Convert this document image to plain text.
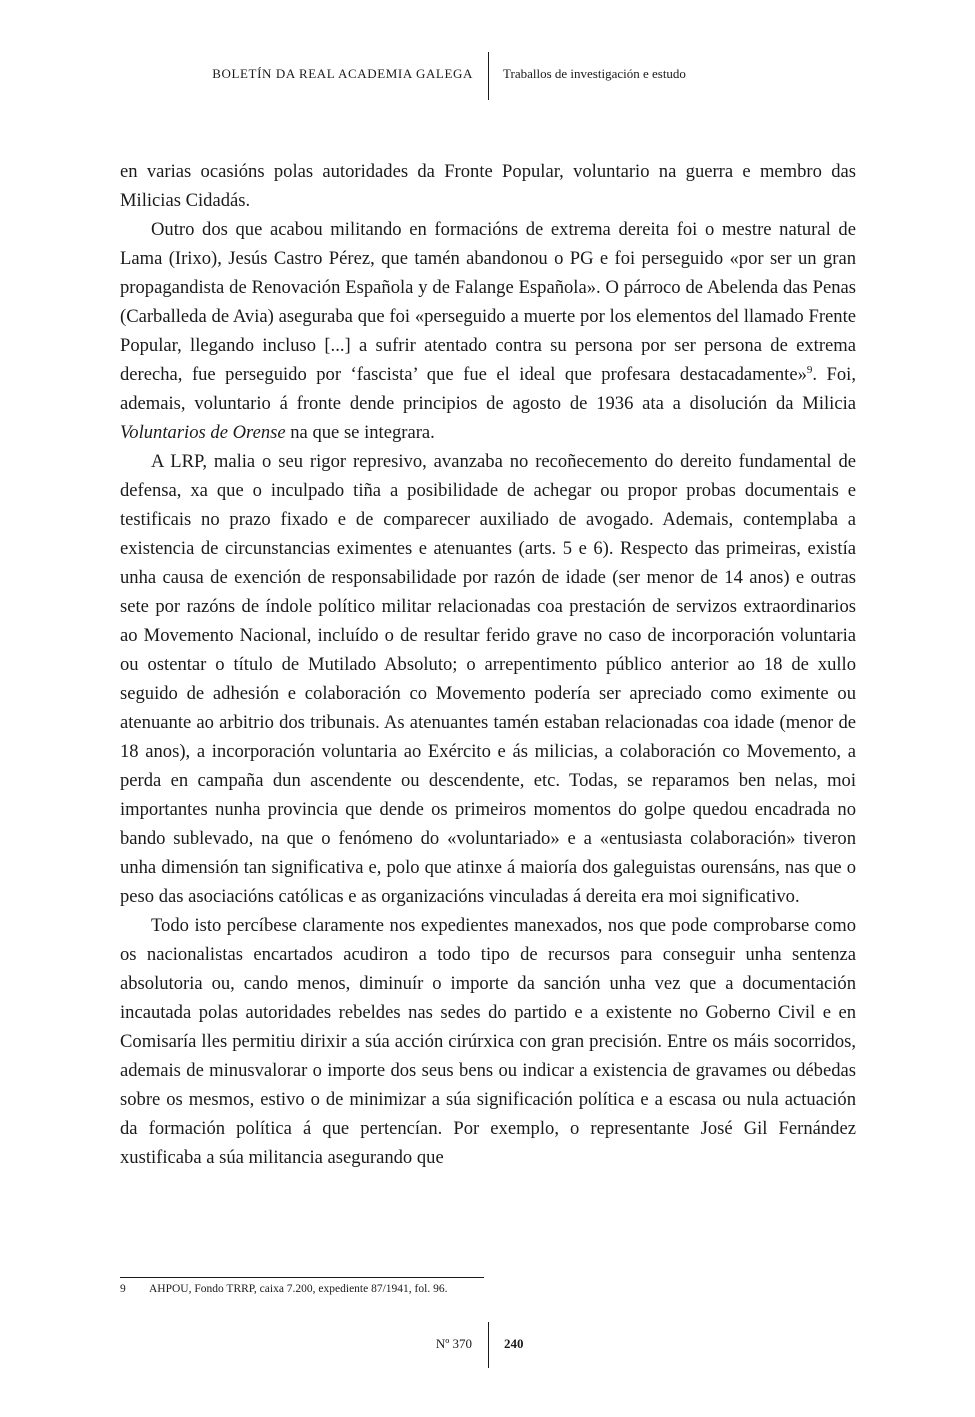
BOLETÍN DA REAL ACADEMIA GALEGA Traballos de investigación e estudo

en varias ocasións polas autoridades da Fronte Popular, voluntario na guerra e membro das Milicias Cidadás.

Outro dos que acabou militando en formacións de extrema dereita foi o mestre natural de Lama (Irixo), Jesús Castro Pérez, que tamén abandonou o PG e foi perseguido «por ser un gran propagandista de Renovación Española y de Falange Española». O párroco de Abelenda das Penas (Carballeda de Avia) aseguraba que foi «perseguido a muerte por los elementos del llamado Frente Popular, llegando incluso [...] a sufrir atentado contra su persona por ser persona de extrema derecha, fue perseguido por ‘fascista’ que fue el ideal que profesara destacadamente»$^9$. Foi, ademais, voluntario á fronte dende principios de agosto de 1936 ata a disolución da Milicia Voluntarios de Orense na que se integrara.

A LRP, malia o seu rigor represivo, avanzaba no recoñecemento do dereito fundamental de defensa, xa que o inculpado tiña a posibilidade de achegar ou propor probas documentais e testificais no prazo fixado e de comparecer auxiliado de avogado. Ademais, contemplaba a existencia de circunstancias eximentes e atenuantes (arts. 5 e 6). Respecto das primeiras, existía unha causa de exención de responsabilidade por razón de idade (ser menor de 14 anos) e outras sete por razóns de índole político militar relacionadas coa prestación de servizos extraordinarios ao Movemento Nacional, incluído o de resultar ferido grave no caso de incorporación voluntaria ou ostentar o título de Mutilado Absoluto; o arrepentimento público anterior ao 18 de xullo seguido de adhesión e colaboración co Movemento podería ser apreciado como eximente ou atenuante ao arbitrio dos tribunais. As atenuantes tamén estaban relacionadas coa idade (menor de 18 anos), a incorporación voluntaria ao Exército e ás milicias, a colaboración co Movemento, a perda en campaña dun ascendente ou descendente, etc. Todas, se reparamos ben nelas, moi importantes nunha provincia que dende os primeiros momentos do golpe quedou encadrada no bando sublevado, na que o fenómeno do «voluntariado» e a «entusiasta colaboración» tiveron unha dimensión tan significativa e, polo que atinxe á maioría dos galeguistas ourensáns, nas que o peso das asociacións católicas e as organizacións vinculadas á dereita era moi significativo.

Todo isto percíbese claramente nos expedientes manexados, nos que pode comprobarse como os nacionalistas encartados acudiron a todo tipo de recursos para conseguir unha sentenza absolutoria ou, cando menos, diminuír o importe da sanción unha vez que a documentación incautada polas autoridades rebeldes nas sedes do partido e a existente no Goberno Civil e en Comisaría lles permitiu dirixir a súa acción cirúrxica con gran precisión. Entre os máis socorridos, ademais de minusvalorar o importe dos seus bens ou indicar a existencia de gravames ou débedas sobre os mesmos, estivo o de minimizar a súa significación política e a escasa ou nula actuación da formación política á que pertencían. Por exemplo, o representante José Gil Fernández xustificaba a súa militancia asegurando que

9 AHPOU, Fondo TRRP, caixa 7.200, expediente 87/1941, fol. 96.
Nº 370 240
